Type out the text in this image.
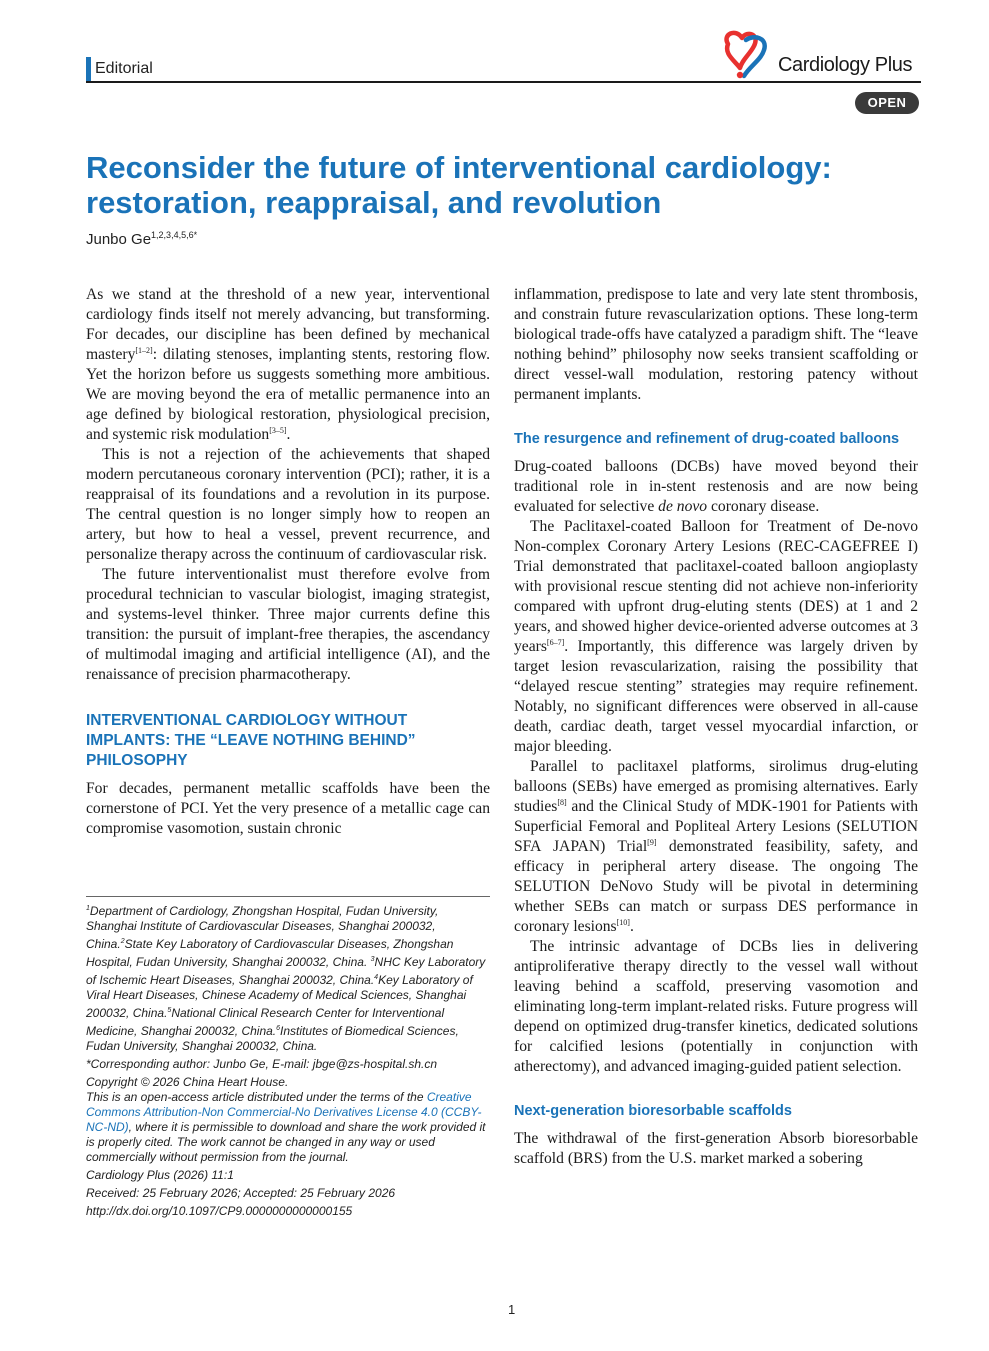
Editorial	Cardiology Plus
OPEN
Reconsider the future of interventional cardiology: restoration, reappraisal, and revolution
Junbo $Ge^{1,2,3,4,5,6*}$

As we stand at the threshold of a new year, interventional cardiology finds itself not merely advancing, but transforming. For decades, our discipline has been defined by mechanical mastery[1–2]: dilating stenoses, implanting stents, restoring flow. Yet the horizon before us suggests something more ambitious. We are moving beyond the era of metallic permanence into an age defined by biological restoration, physiological precision, and systemic risk modulation[3–5].

This is not a rejection of the achievements that shaped modern percutaneous coronary intervention (PCI); rather, it is a reappraisal of its foundations and a revolution in its purpose. The central question is no longer simply how to reopen an artery, but how to heal a vessel, prevent recurrence, and personalize therapy across the continuum of cardiovascular risk.

The future interventionalist must therefore evolve from procedural technician to vascular biologist, imaging strategist, and systems-level thinker. Three major currents define this transition: the pursuit of implant-free therapies, the ascendancy of multimodal imaging and artificial intelligence (AI), and the renaissance of precision pharmacotherapy.

INTERVENTIONAL CARDIOLOGY WITHOUT IMPLANTS: THE “LEAVE NOTHING BEHIND” PHILOSOPHY

For decades, permanent metallic scaffolds have been the cornerstone of PCI. Yet the very presence of a metallic cage can compromise vasomotion, sustain chronic

inflammation, predispose to late and very late stent thrombosis, and constrain future revascularization options. These long-term biological trade-offs have catalyzed a paradigm shift. The “leave nothing behind” philosophy now seeks transient scaffolding or direct vessel-wall modulation, restoring patency without permanent implants.

The resurgence and refinement of drug-coated balloons

Drug-coated balloons (DCBs) have moved beyond their traditional role in in-stent restenosis and are now being evaluated for selective de novo coronary disease.

The Paclitaxel-coated Balloon for Treatment of De-novo Non-complex Coronary Artery Lesions (REC-CAGEFREE I) Trial demonstrated that paclitaxel-coated balloon angioplasty with provisional rescue stenting did not achieve non-inferiority compared with upfront drug-eluting stents (DES) at 1 and 2 years, and showed higher device-oriented adverse outcomes at 3 years[6–7]. Importantly, this difference was largely driven by target lesion revascularization, raising the possibility that “delayed rescue stenting” strategies may require refinement. Notably, no significant differences were observed in all-cause death, cardiac death, target vessel myocardial infarction, or major bleeding.

Parallel to paclitaxel platforms, sirolimus drug-eluting balloons (SEBs) have emerged as promising alternatives. Early studies[8] and the Clinical Study of MDK-1901 for Patients with Superficial Femoral and Popliteal Artery Lesions (SELUTION SFA JAPAN) Trial[9] demonstrated feasibility, safety, and efficacy in peripheral artery disease. The ongoing The SELUTION DeNovo Study will be pivotal in determining whether SEBs can match or surpass DES performance in coronary lesions[10].

The intrinsic advantage of DCBs lies in delivering antiproliferative therapy directly to the vessel wall without leaving behind a scaffold, preserving vasomotion and eliminating long-term implant-related risks. Future progress will depend on optimized drug-transfer kinetics, dedicated solutions for calcified lesions (potentially in conjunction with atherectomy), and advanced imaging-guided patient selection.

Next-generation bioresorbable scaffolds

The withdrawal of the first-generation Absorb bioresorbable scaffold (BRS) from the U.S. market marked a sobering

$^1$Department of Cardiology, Zhongshan Hospital, Fudan University, Shanghai Institute of Cardiovascular Diseases, Shanghai 200032, China.$^2$State Key Laboratory of Cardiovascular Diseases, Zhongshan Hospital, Fudan University, Shanghai 200032, China. $^3$NHC Key Laboratory of Ischemic Heart Diseases, Shanghai 200032, China.$^4$Key Laboratory of Viral Heart Diseases, Chinese Academy of Medical Sciences, Shanghai 200032, China.$^5$National Clinical Research Center for Interventional Medicine, Shanghai 200032, China.$^6$Institutes of Biomedical Sciences, Fudan University, Shanghai 200032, China.

*Corresponding author: Junbo Ge, E-mail: jbge@zs-hospital.sh.cn

Copyright © 2026 China Heart House.

This is an open-access article distributed under the terms of the Creative Commons Attribution-Non Commercial-No Derivatives License 4.0 (CCBY-NC-ND), where it is permissible to download and share the work provided it is properly cited. The work cannot be changed in any way or used commercially without permission from the journal.

Cardiology Plus (2026) 11:1

Received: 25 February 2026; Accepted: 25 February 2026

http://dx.doi.org/10.1097/CP9.0000000000000155

1
